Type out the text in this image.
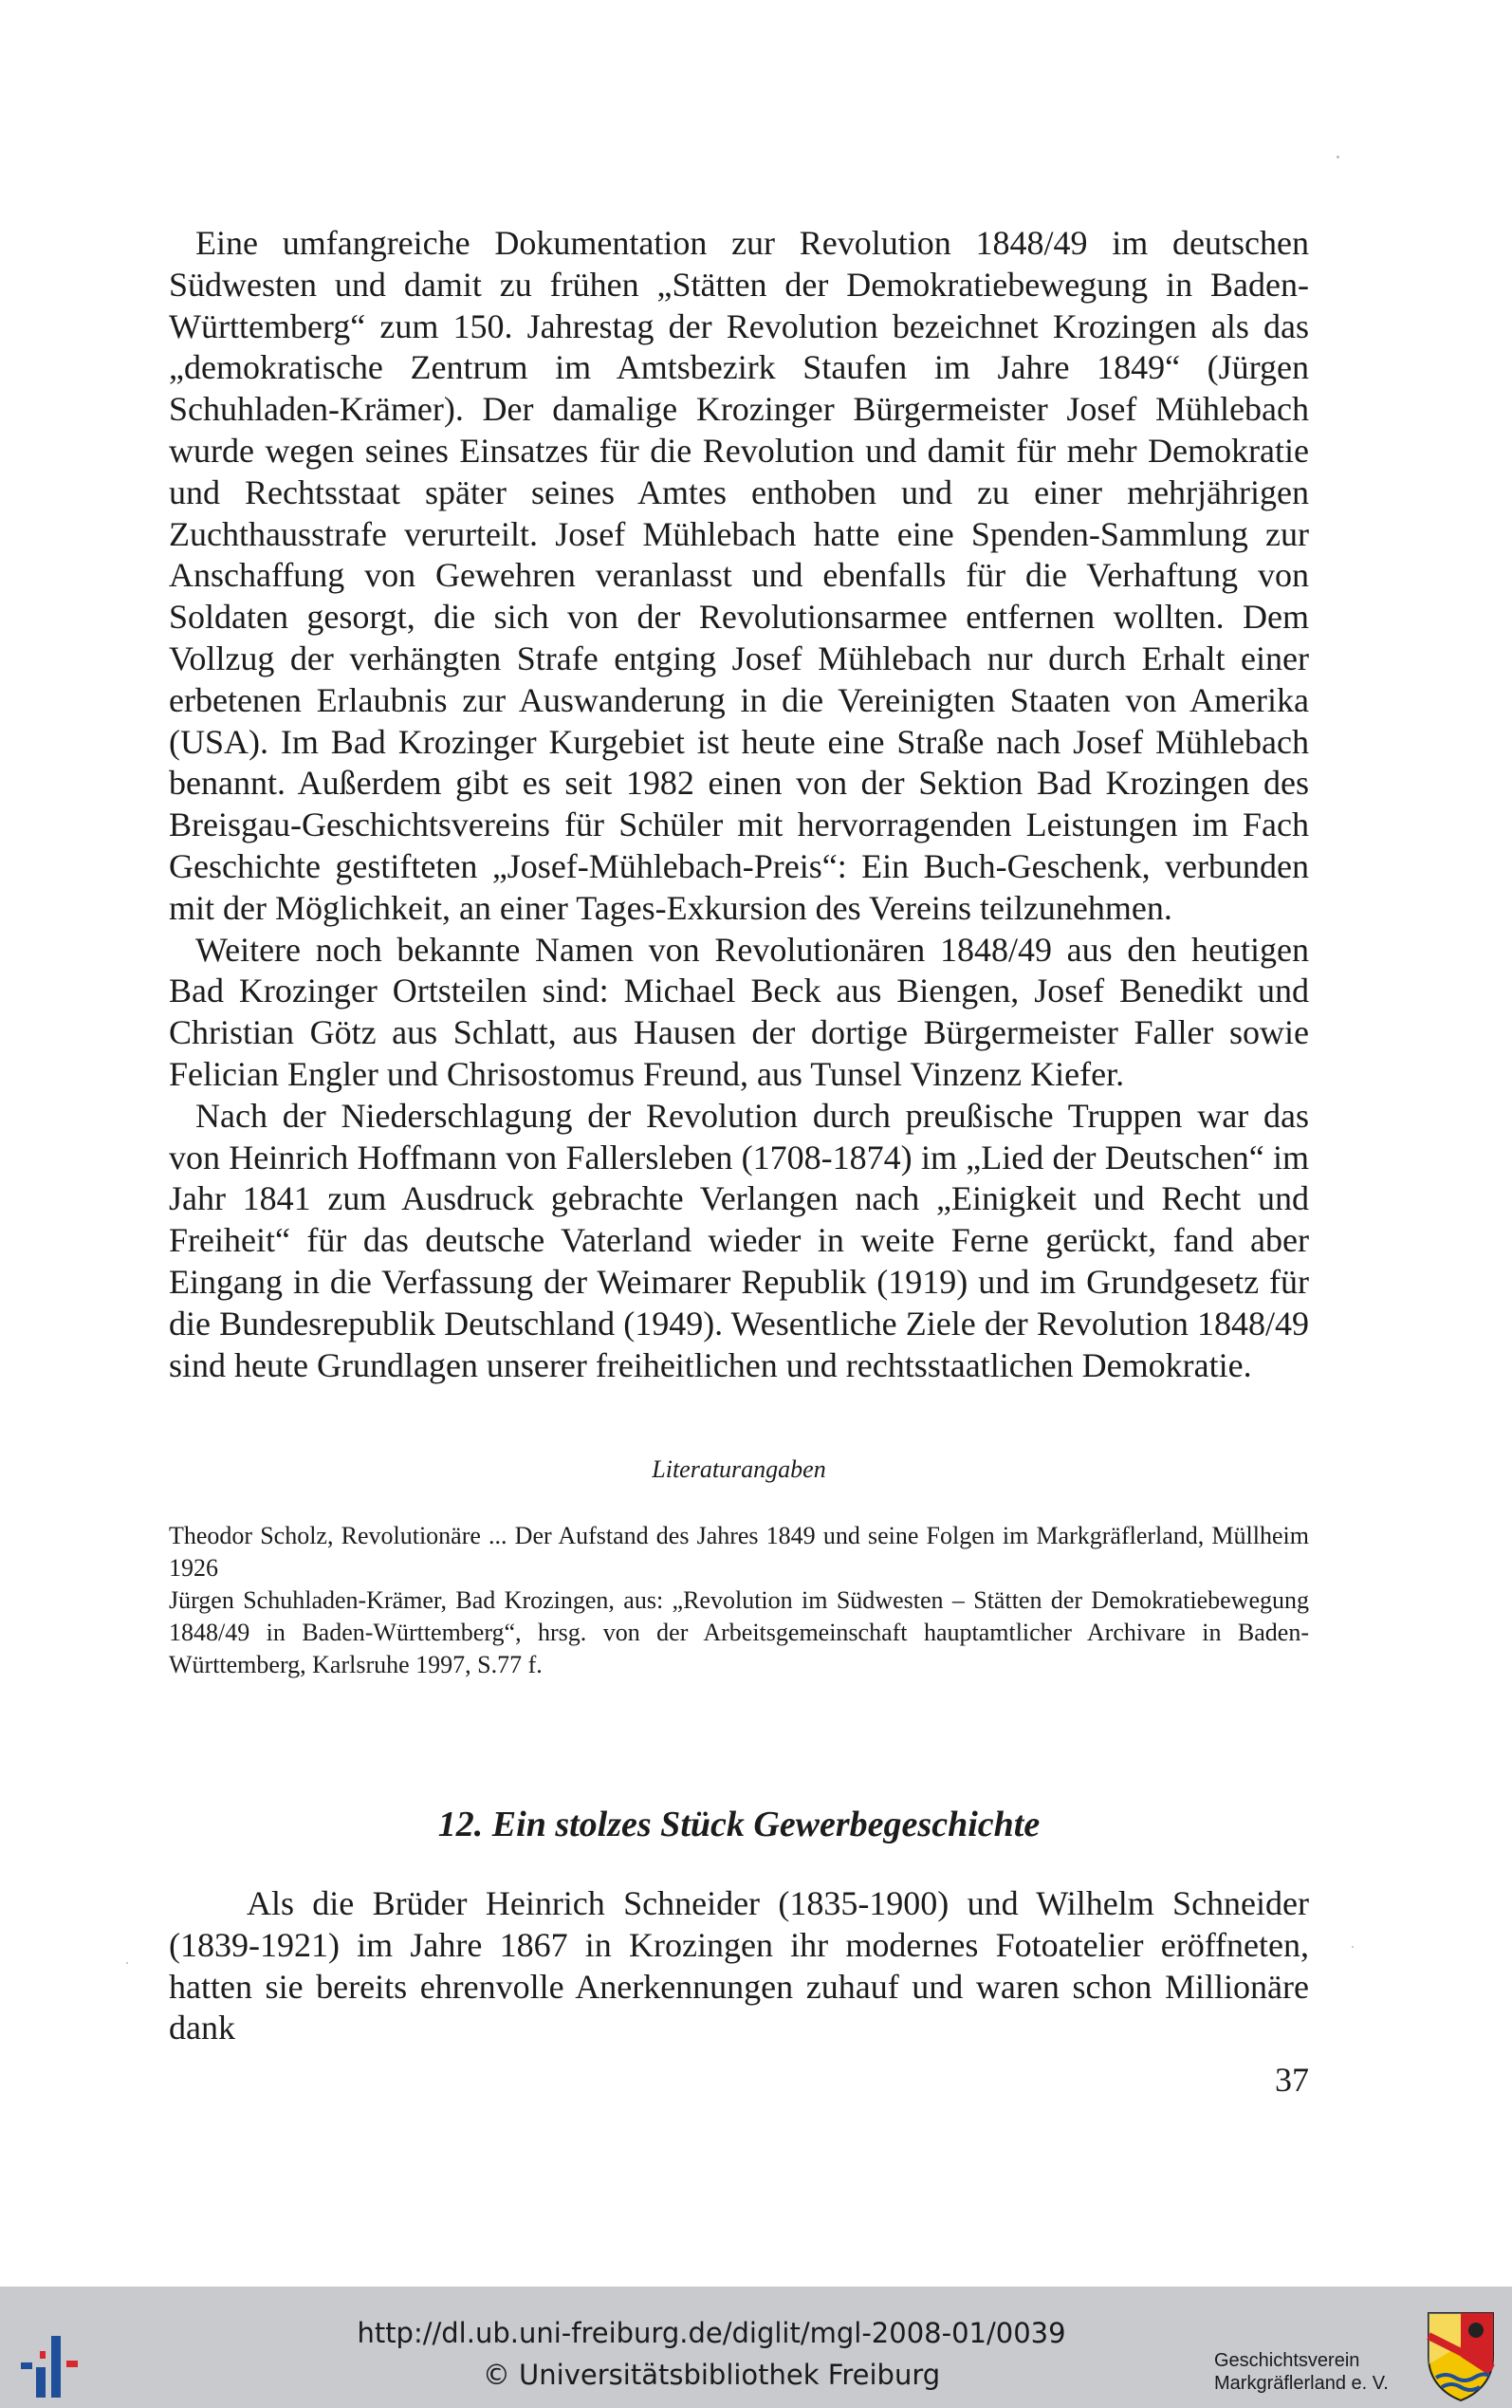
Eine umfangreiche Dokumentation zur Revolution 1848/49 im deutschen Südwesten und damit zu frühen „Stätten der Demokratiebewegung in Baden-Württemberg“ zum 150. Jahrestag der Revolution bezeichnet Krozingen als das „demokratische Zentrum im Amtsbezirk Staufen im Jahre 1849“ (Jürgen Schuhladen-Krämer). Der damalige Krozinger Bürgermeister Josef Mühlebach wurde wegen seines Einsatzes für die Revolution und damit für mehr Demokratie und Rechtsstaat später seines Amtes enthoben und zu einer mehrjährigen Zuchthausstrafe verurteilt. Josef Mühlebach hatte eine Spenden-Sammlung zur Anschaffung von Gewehren veranlasst und ebenfalls für die Verhaftung von Soldaten gesorgt, die sich von der Revolutionsarmee entfernen wollten. Dem Vollzug der verhängten Strafe entging Josef Mühlebach nur durch Erhalt einer erbetenen Erlaubnis zur Auswanderung in die Vereinigten Staaten von Amerika (USA). Im Bad Krozinger Kurgebiet ist heute eine Straße nach Josef Mühlebach benannt. Außerdem gibt es seit 1982 einen von der Sektion Bad Krozingen des Breisgau-Geschichtsvereins für Schüler mit hervorragenden Leistungen im Fach Geschichte gestifteten „Josef-Mühlebach-Preis“: Ein Buch-Geschenk, verbunden mit der Möglichkeit, an einer Tages-Exkursion des Vereins teilzunehmen.

Weitere noch bekannte Namen von Revolutionären 1848/49 aus den heutigen Bad Krozinger Ortsteilen sind: Michael Beck aus Biengen, Josef Benedikt und Christian Götz aus Schlatt, aus Hausen der dortige Bürgermeister Faller sowie Felician Engler und Chrisostomus Freund, aus Tunsel Vinzenz Kiefer.

Nach der Niederschlagung der Revolution durch preußische Truppen war das von Heinrich Hoffmann von Fallersleben (1708-1874) im „Lied der Deutschen“ im Jahr 1841 zum Ausdruck gebrachte Verlangen nach „Einigkeit und Recht und Freiheit“ für das deutsche Vaterland wieder in weite Ferne gerückt, fand aber Eingang in die Verfassung der Weimarer Republik (1919) und im Grundgesetz für die Bundesrepublik Deutschland (1949). Wesentliche Ziele der Revolution 1848/49 sind heute Grundlagen unserer freiheitlichen und rechtsstaatlichen Demokratie.

Literaturangaben

Theodor Scholz, Revolutionäre ... Der Aufstand des Jahres 1849 und seine Folgen im Markgräflerland, Müllheim 1926

Jürgen Schuhladen-Krämer, Bad Krozingen, aus: „Revolution im Südwesten – Stätten der Demokratiebewegung 1848/49 in Baden-Württemberg“, hrsg. von der Arbeitsgemeinschaft hauptamtlicher Archivare in Baden-Württemberg, Karlsruhe 1997, S.77 f.

12. Ein stolzes Stück Gewerbegeschichte

Als die Brüder Heinrich Schneider (1835-1900) und Wilhelm Schneider (1839-1921) im Jahre 1867 in Krozingen ihr modernes Fotoatelier eröffneten, hatten sie bereits ehrenvolle Anerkennungen zuhauf und waren schon Millionäre dank

37
http://dl.ub.uni-freiburg.de/diglit/mgl-2008-01/0039
© Universitätsbibliothek Freiburg	Geschichtsverein
Markgräflerland e. V.
